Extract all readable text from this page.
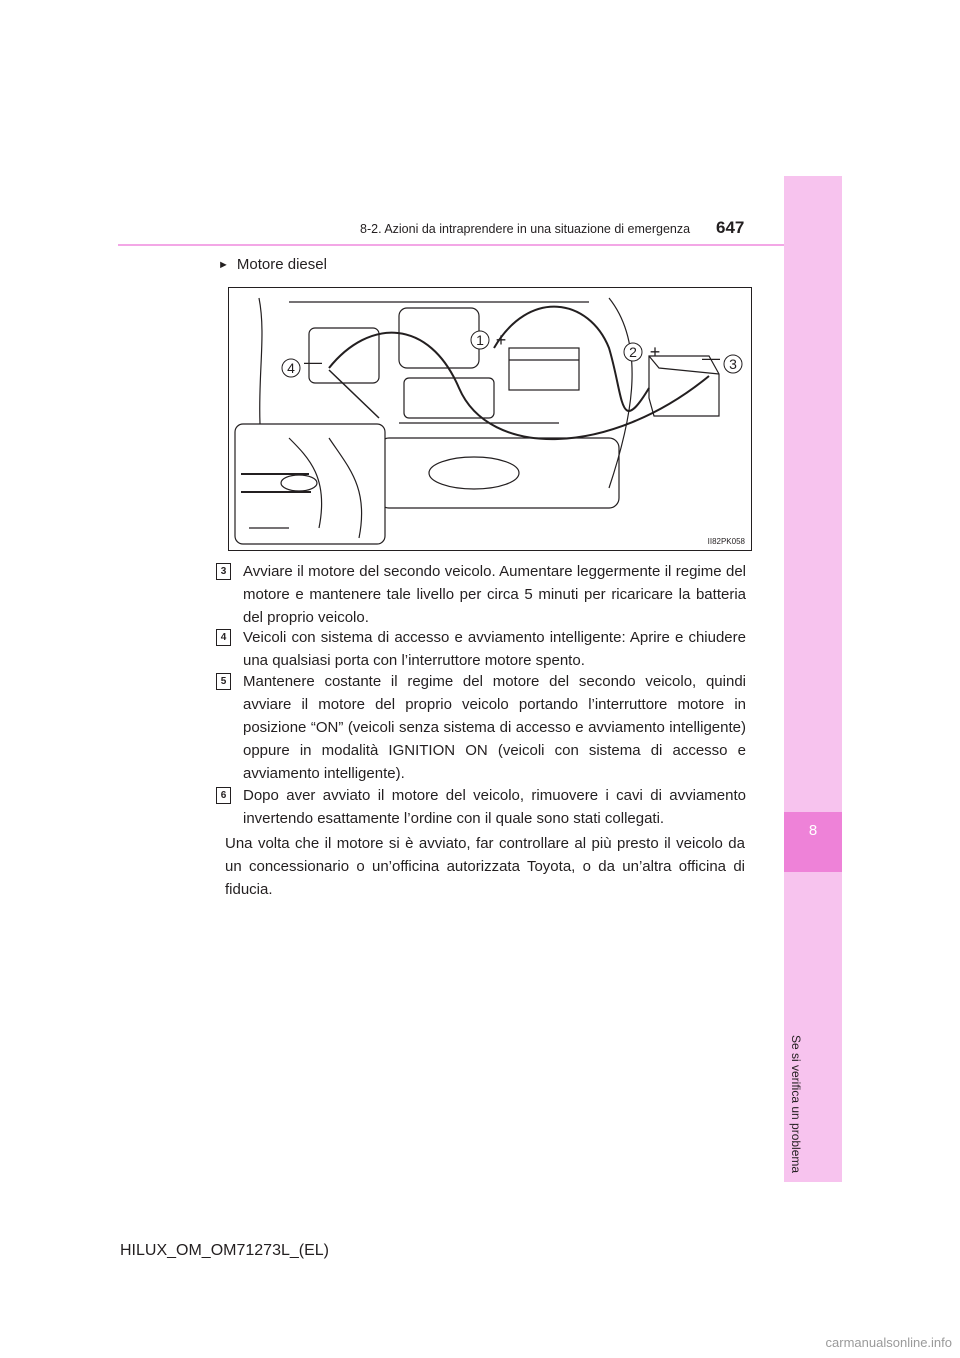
8
Se si verifica un problema
8-2. Azioni da intraprendere in una situazione di emergenza 647
► Motore diesel
1 +
2 +
3
—
4 —
II82PK058
3	Avviare il motore del secondo veicolo. Aumentare leggermente il regime del motore e mantenere tale livello per circa 5 minuti per ricaricare la batteria del proprio veicolo.
4	Veicoli con sistema di accesso e avviamento intelligente: Aprire e chiudere una qualsiasi porta con l’interruttore motore spento.
5	Mantenere costante il regime del motore del secondo veicolo, quindi avviare il motore del proprio veicolo portando l’interruttore motore in posizione “ON” (veicoli senza sistema di accesso e avviamento intelligente) oppure in modalità IGNITION ON (veicoli con sistema di accesso e avviamento intelligente).
6	Dopo aver avviato il motore del veicolo, rimuovere i cavi di avviamento invertendo esattamente l’ordine con il quale sono stati collegati.
Una volta che il motore si è avviato, far controllare al più presto il veicolo da un concessionario o un’officina autorizzata Toyota, o da un’altra officina di fiducia.
HILUX_OM_OM71273L_(EL)
carmanualsonline.info
